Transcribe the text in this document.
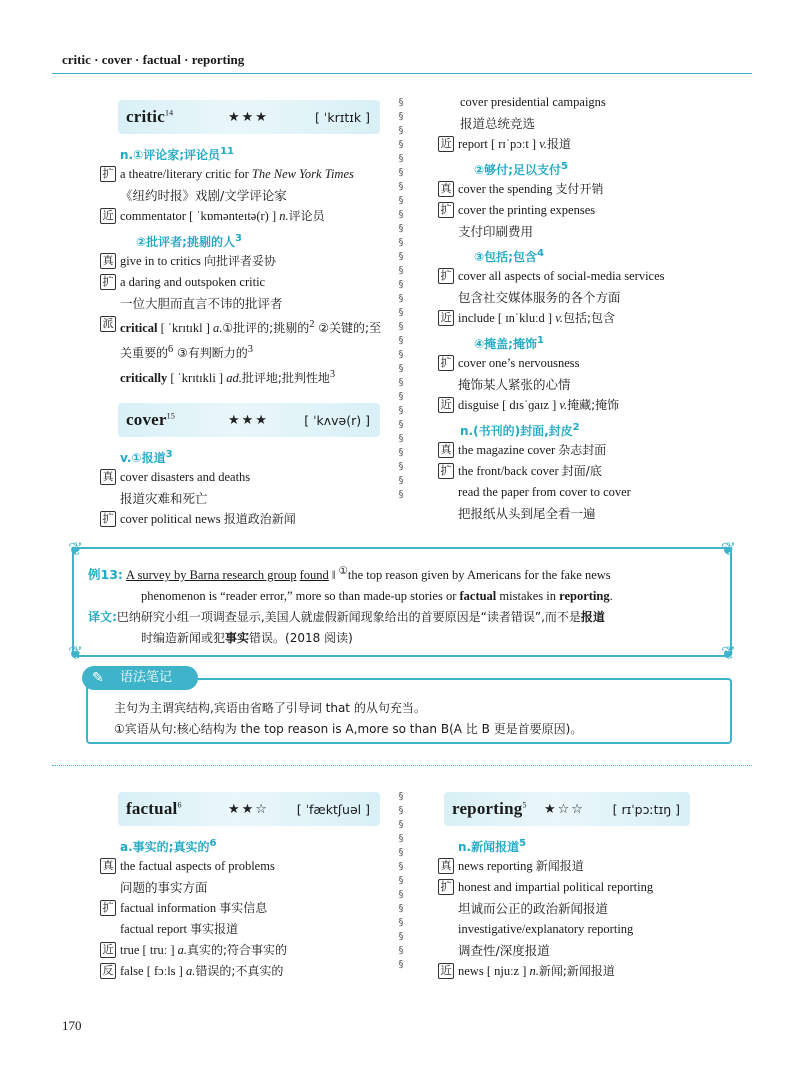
critic · cover · factual · reporting
critic$^{14}$	★★★	[ ˈkrɪtɪk ]
n.①评论家;评论员$^{11}$
扩 a theatre/literary critic for The New York Times
《纽约时报》戏剧/文学评论家
近 commentator [ ˈkɒmənteɪtə(r) ] n.评论员
②批评者;挑剔的人$^3$
真 give in to critics 向批评者妥协
扩 a daring and outspoken critic
一位大胆而直言不讳的批评者
派 critical [ ˈkrɪtɪkl ] a.①批评的;挑剔的$^2$ ②关键的;至关重要的$^6$ ③有判断力的$^3$
critically [ ˈkrɪtɪkli ] ad.批评地;批判性地$^3$
cover$^{15}$	★★★	[ ˈkʌvə(r) ]
v.①报道$^3$
真 cover disasters and deaths
报道灾难和死亡
扩 cover political news 报道政治新闻
§
§
§
§
§
§
§
§
§
§
§
§
§
§
§
§
§
§
§
§
§
§
§
§
§
§
§
§
§
cover presidential campaigns
报道总统竞选
近 report [ rɪˈpɔːt ] v.报道
②够付;足以支付$^5$
真 cover the spending 支付开销
扩 cover the printing expenses
支付印刷费用
③包括;包含$^4$
扩 cover all aspects of social-media services
包含社交媒体服务的各个方面
近 include [ ɪnˈkluːd ] v.包括;包含
④掩盖;掩饰$^1$
扩 cover one’s nervousness
掩饰某人紧张的心情
近 disguise [ dɪsˈɡaɪz ] v.掩藏;掩饰
n.(书刊的)封面,封皮$^2$
真 the magazine cover 杂志封面
扩 the front/back cover 封面/底
read the paper from cover to cover
把报纸从头到尾全看一遍
❦	❦
❦	❦
例13: A survey by Barna research group found ‖ ①the top reason given by Americans for the fake news
phenomenon is “reader error,” more so than made-up stories or factual mistakes in reporting.
译文:巴纳研究小组一项调查显示,美国人就虚假新闻现象给出的首要原因是“读者错误”,而不是报道
时编造新闻或犯事实错误。(2018 阅读)
主句为主谓宾结构,宾语由省略了引导词 that 的从句充当。
①宾语从句:核心结构为 the top reason is A,more so than B(A 比 B 更是首要原因)。
✎ 语法笔记
factual$^6$	★★☆ [ ˈfæktʃuəl ]
a.事实的;真实的$^6$
真 the factual aspects of problems
问题的事实方面
扩 factual information 事实信息
factual report 事实报道
近 true [ truː ] a.真实的;符合事实的
反 false [ fɔːls ] a.错误的;不真实的
§
§
§
§
§
§
§
§
§
§
§
§
§
reporting$^5$ ★☆☆ [ rɪˈpɔːtɪŋ ]
n.新闻报道$^5$
真 news reporting 新闻报道
扩 honest and impartial political reporting
坦诚而公正的政治新闻报道
investigative/explanatory reporting
调查性/深度报道
近 news [ njuːz ] n.新闻;新闻报道
170
